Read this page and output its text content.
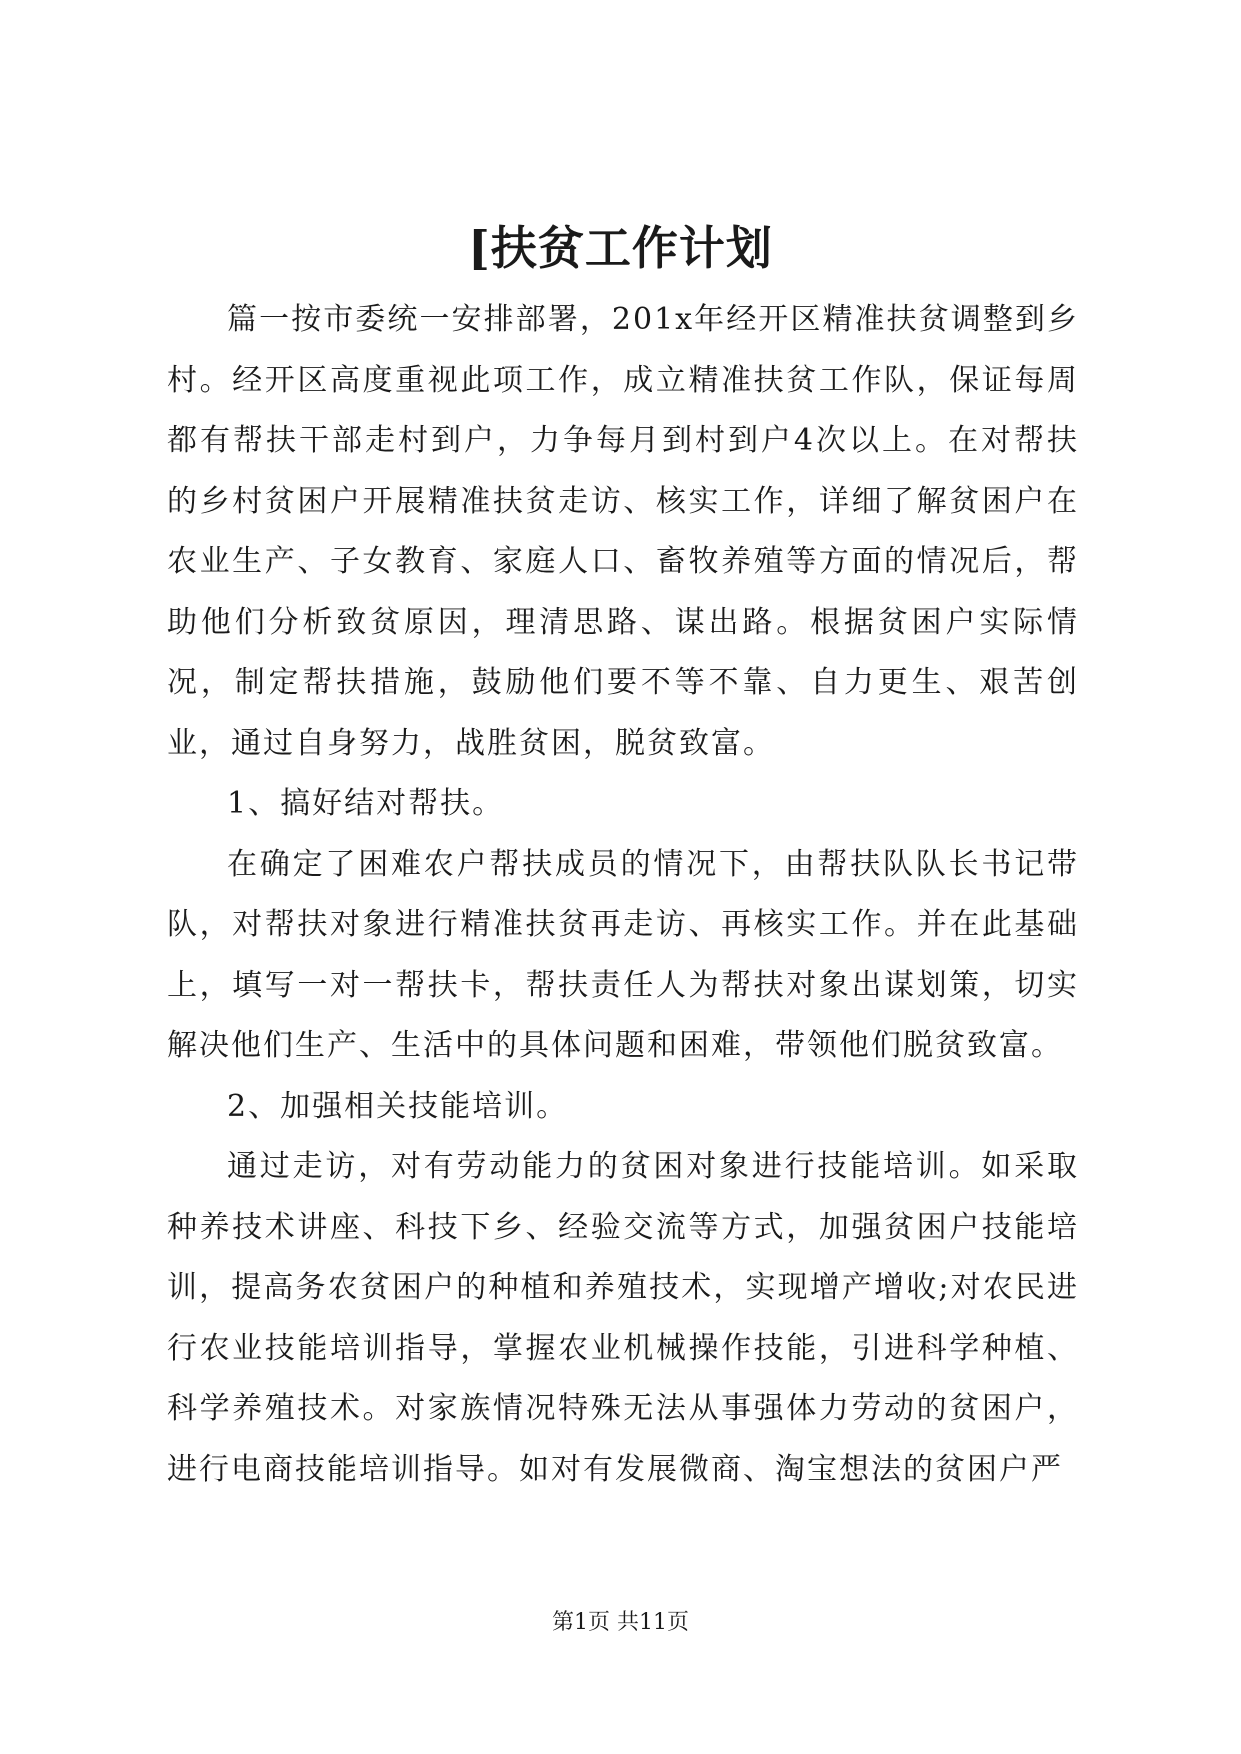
[扶贫工作计划

篇一按市委统一安排部署，201x年经开区精准扶贫调整到乡村。经开区高度重视此项工作，成立精准扶贫工作队，保证每周都有帮扶干部走村到户，力争每月到村到户4次以上。在对帮扶的乡村贫困户开展精准扶贫走访、核实工作，详细了解贫困户在农业生产、子女教育、家庭人口、畜牧养殖等方面的情况后，帮助他们分析致贫原因，理清思路、谋出路。根据贫困户实际情况，制定帮扶措施，鼓励他们要不等不靠、自力更生、艰苦创业，通过自身努力，战胜贫困，脱贫致富。

1、搞好结对帮扶。

在确定了困难农户帮扶成员的情况下，由帮扶队队长书记带队，对帮扶对象进行精准扶贫再走访、再核实工作。并在此基础上，填写一对一帮扶卡，帮扶责任人为帮扶对象出谋划策，切实解决他们生产、生活中的具体问题和困难，带领他们脱贫致富。

2、加强相关技能培训。

通过走访，对有劳动能力的贫困对象进行技能培训。如采取种养技术讲座、科技下乡、经验交流等方式，加强贫困户技能培训，提高务农贫困户的种植和养殖技术，实现增产增收;对农民进行农业技能培训指导，掌握农业机械操作技能，引进科学种植、科学养殖技术。对家族情况特殊无法从事强体力劳动的贫困户，进行电商技能培训指导。如对有发展微商、淘宝想法的贫困户严

第1页 共11页
